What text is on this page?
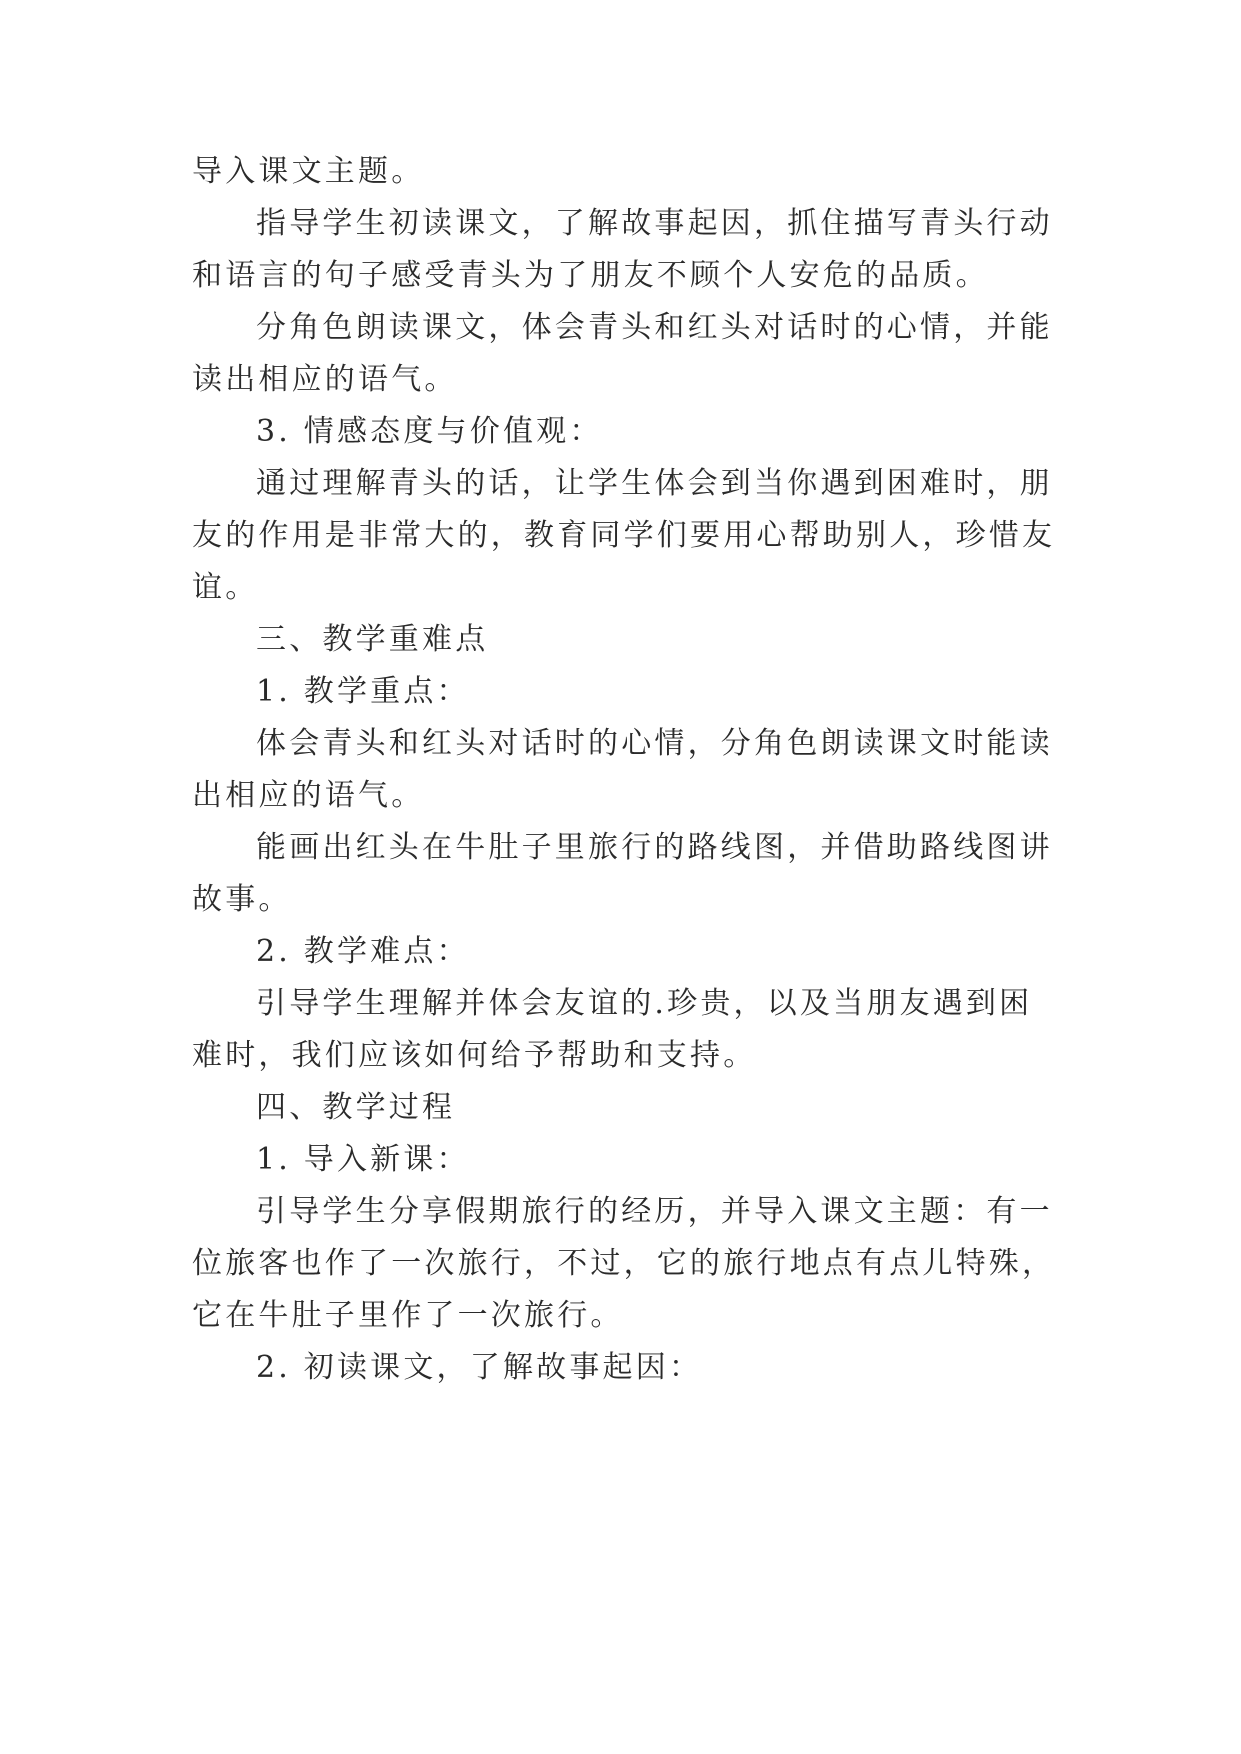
导入课文主题。
指导学生初读课文，了解故事起因，抓住描写青头行动
和语言的句子感受青头为了朋友不顾个人安危的品质。
分角色朗读课文，体会青头和红头对话时的心情，并能
读出相应的语气。
3. 情感态度与价值观：
通过理解青头的话，让学生体会到当你遇到困难时，朋
友的作用是非常大的，教育同学们要用心帮助别人，珍惜友
谊。
三、教学重难点
1. 教学重点：
体会青头和红头对话时的心情，分角色朗读课文时能读
出相应的语气。
能画出红头在牛肚子里旅行的路线图，并借助路线图讲
故事。
2. 教学难点：
引导学生理解并体会友谊的.珍贵，以及当朋友遇到困
难时，我们应该如何给予帮助和支持。
四、教学过程
1. 导入新课：
引导学生分享假期旅行的经历，并导入课文主题：有一
位旅客也作了一次旅行，不过，它的旅行地点有点儿特殊，
它在牛肚子里作了一次旅行。
2. 初读课文，了解故事起因：
